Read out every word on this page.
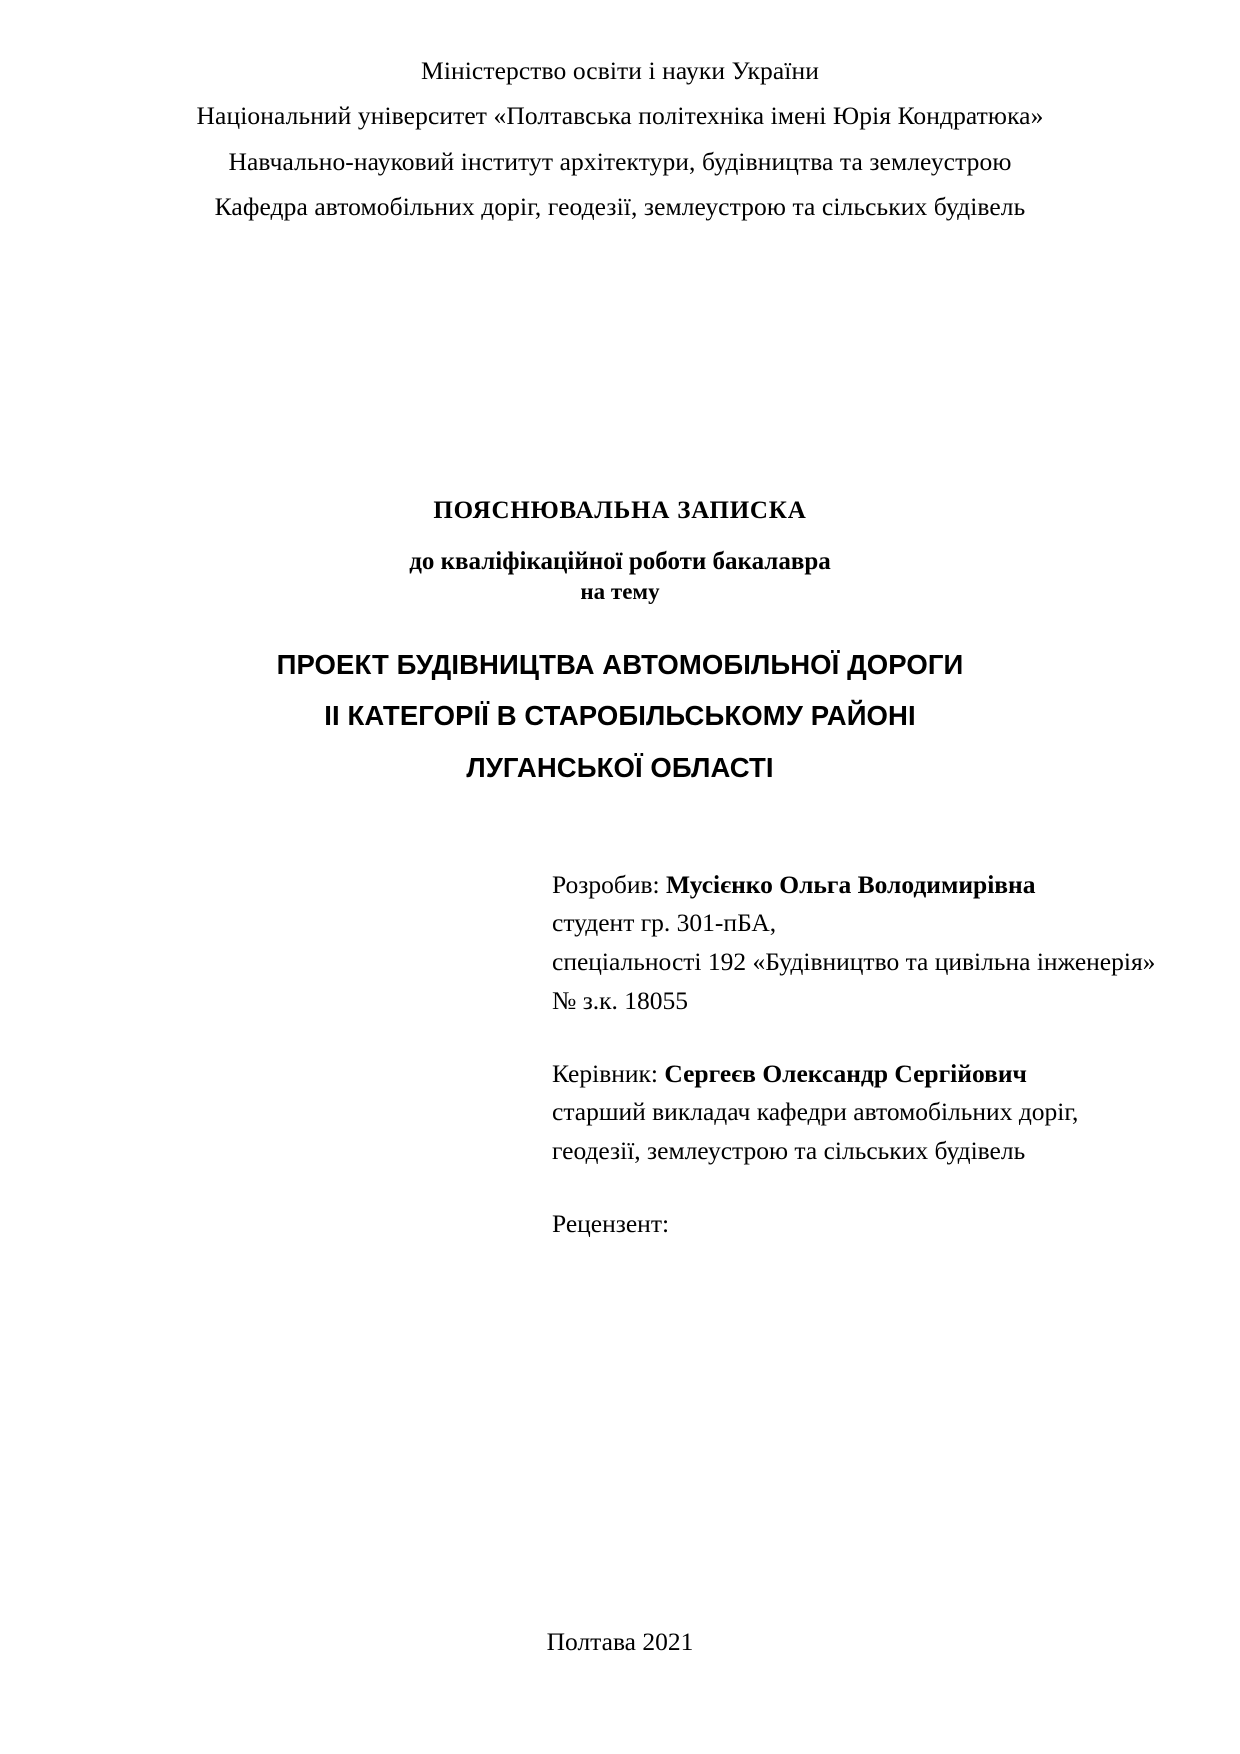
Міністерство освіти і науки України
Національний університет «Полтавська політехніка імені Юрія Кондратюка»
Навчально-науковий інститут архітектури, будівництва та землеустрою
Кафедра автомобільних доріг, геодезії, землеустрою та сільських будівель
ПОЯСНЮВАЛЬНА ЗАПИСКА
до кваліфікаційної роботи бакалавра
на тему
ПРОЕКТ БУДІВНИЦТВА АВТОМОБІЛЬНОЇ ДОРОГИ
II КАТЕГОРІЇ В СТАРОБІЛЬСЬКОМУ РАЙОНІ
ЛУГАНСЬКОЇ ОБЛАСТІ
Розробив: Мусієнко Ольга Володимирівна
студент гр. 301-пБА,
спеціальності 192 «Будівництво та цивільна інженерія»
№ з.к. 18055
Керівник: Сергеєв Олександр Сергійович
старший викладач кафедри автомобільних доріг,
геодезії, землеустрою та сільських будівель
Рецензент:
Полтава 2021
